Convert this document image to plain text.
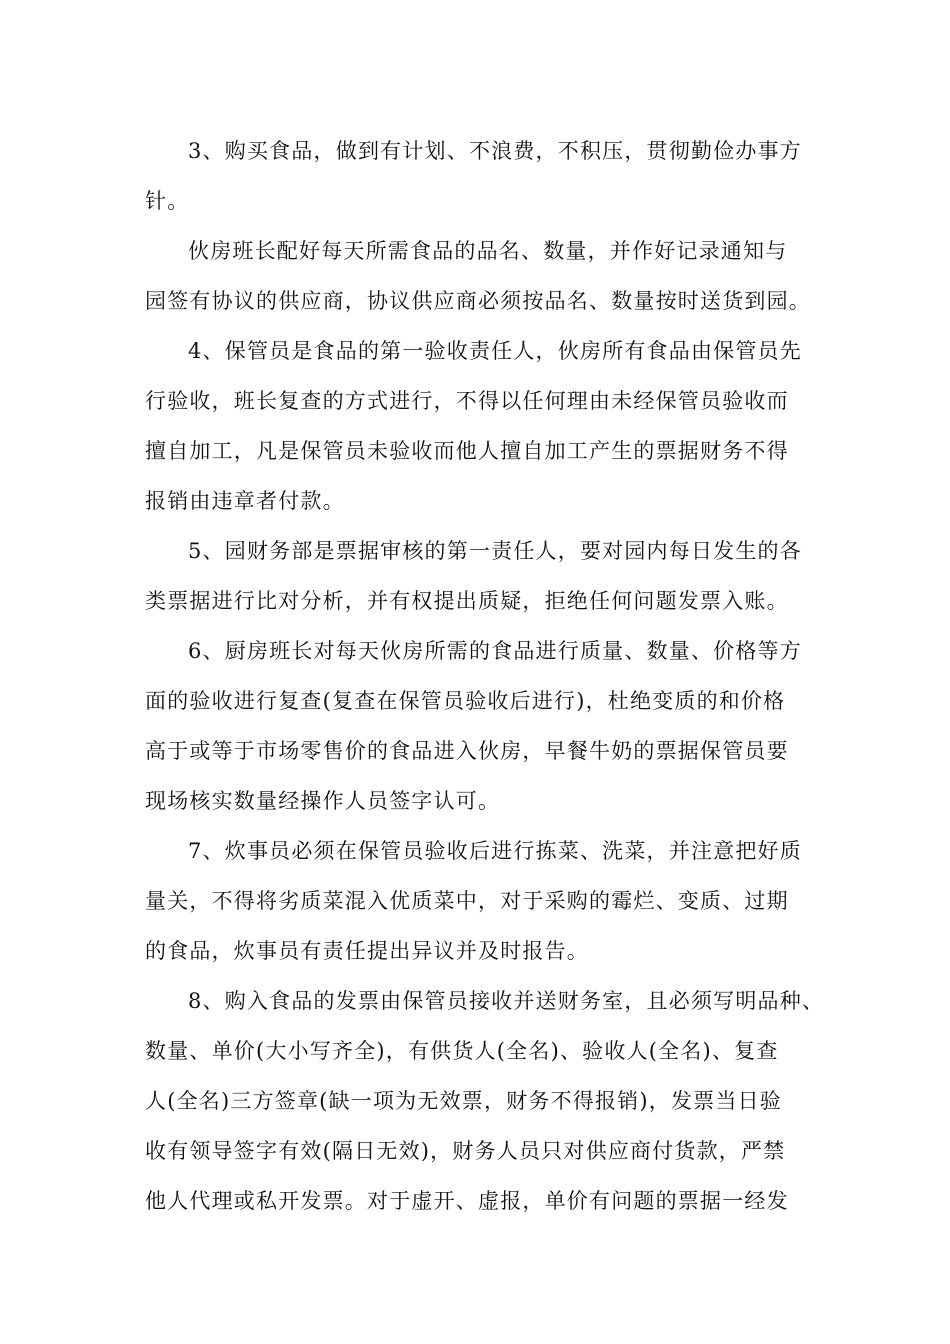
3、购买食品，做到有计划、不浪费，不积压，贯彻勤俭办事方
针。
伙房班长配好每天所需食品的品名、数量，并作好记录通知与
园签有协议的供应商，协议供应商必须按品名、数量按时送货到园。
4、保管员是食品的第一验收责任人，伙房所有食品由保管员先
行验收，班长复查的方式进行，不得以任何理由未经保管员验收而
擅自加工，凡是保管员未验收而他人擅自加工产生的票据财务不得
报销由违章者付款。
5、园财务部是票据审核的第一责任人，要对园内每日发生的各
类票据进行比对分析，并有权提出质疑，拒绝任何问题发票入账。
6、厨房班长对每天伙房所需的食品进行质量、数量、价格等方
面的验收进行复查(复查在保管员验收后进行)，杜绝变质的和价格
高于或等于市场零售价的食品进入伙房，早餐牛奶的票据保管员要
现场核实数量经操作人员签字认可。
7、炊事员必须在保管员验收后进行拣菜、洗菜，并注意把好质
量关，不得将劣质菜混入优质菜中，对于采购的霉烂、变质、过期
的食品，炊事员有责任提出异议并及时报告。
8、购入食品的发票由保管员接收并送财务室，且必须写明品种、
数量、单价(大小写齐全)，有供货人(全名)、验收人(全名)、复查
人(全名)三方签章(缺一项为无效票，财务不得报销)，发票当日验
收有领导签字有效(隔日无效)，财务人员只对供应商付货款，严禁
他人代理或私开发票。对于虚开、虚报，单价有问题的票据一经发
